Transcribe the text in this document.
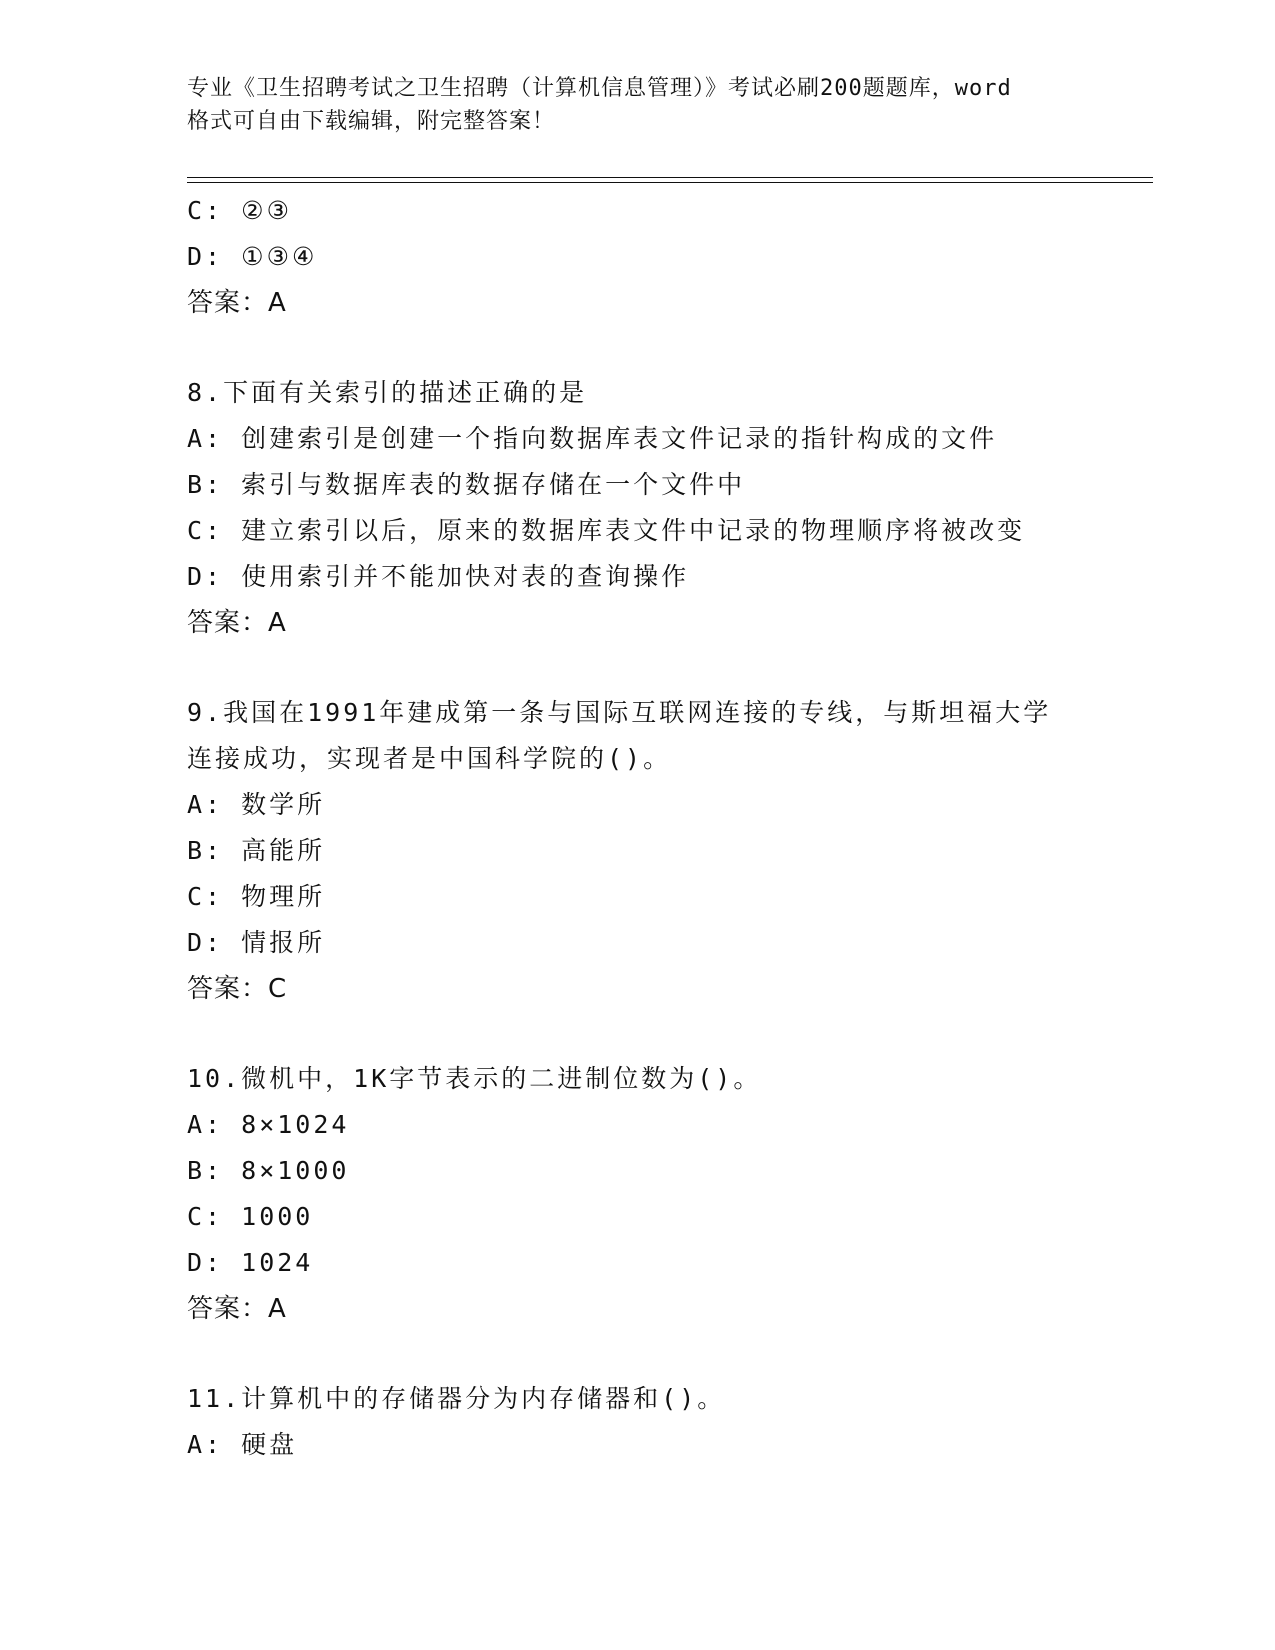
专业《卫生招聘考试之卫生招聘（计算机信息管理）》考试必刷200题题库，word
格式可自由下载编辑，附完整答案！
C: ②③
D: ①③④
答案：A
8.下面有关索引的描述正确的是
A: 创建索引是创建一个指向数据库表文件记录的指针构成的文件
B: 索引与数据库表的数据存储在一个文件中
C: 建立索引以后，原来的数据库表文件中记录的物理顺序将被改变
D: 使用索引并不能加快对表的查询操作
答案：A
9.我国在1991年建成第一条与国际互联网连接的专线，与斯坦福大学
连接成功，实现者是中国科学院的()。
A: 数学所
B: 高能所
C: 物理所
D: 情报所
答案：C
10.微机中，1K字节表示的二进制位数为()。
A: 8×1024
B: 8×1000
C: 1000
D: 1024
答案：A
11.计算机中的存储器分为内存储器和()。
A: 硬盘
